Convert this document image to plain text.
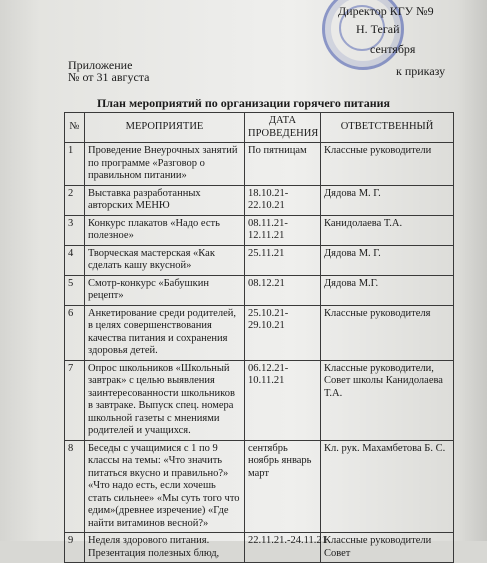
Директор КГУ №9
Н. Тегай
сентября
Приложение
№ от 31 августа	к приказу
План мероприятий по организации горячего питания
№	МЕРОПРИЯТИЕ	ДАТА ПРОВЕДЕНИЯ	ОТВЕТСТВЕННЫЙ
1	Проведение Внеурочных занятий по программе «Разговор о правильном питании»	По пятницам	Классные руководители
2	Выставка разработанных авторских МЕНЮ	18.10.21-22.10.21	Дядова М. Г.
3	Конкурс плакатов «Надо есть полезное»	08.11.21-12.11.21	Канидолаева Т.А.
4	Творческая мастерская «Как сделать кашу вкусной»	25.11.21	Дядова М. Г.
5	Смотр-конкурс «Бабушкин рецепт»	08.12.21	Дядова М.Г.
6	Анкетирование среди родителей, в целях совершенствования качества питания и сохранения здоровья детей.	25.10.21-29.10.21	Классные руководителя
7	Опрос школьников «Школьный завтрак» с целью выявления заинтересованности школьников в завтраке. Выпуск спец. номера школьной газеты с мнениями родителей и учащихся.	06.12.21-10.11.21	Классные руководители, Совет школы Канидолаева Т.А.
8	Беседы с учащимися с 1 по 9 классы на темы: «Что значить питаться вкусно и правильно?» «Что надо есть, если хочешь стать сильнее» «Мы суть того что едим»(древнее изречение) «Где найти витаминов весной?»	сентябрь ноябрь январь март	Кл. рук. Махамбетова Б. С.
9	Неделя здорового питания. Презентация полезных блюд,	22.11.21.-24.11.21	Классные руководители Совет
